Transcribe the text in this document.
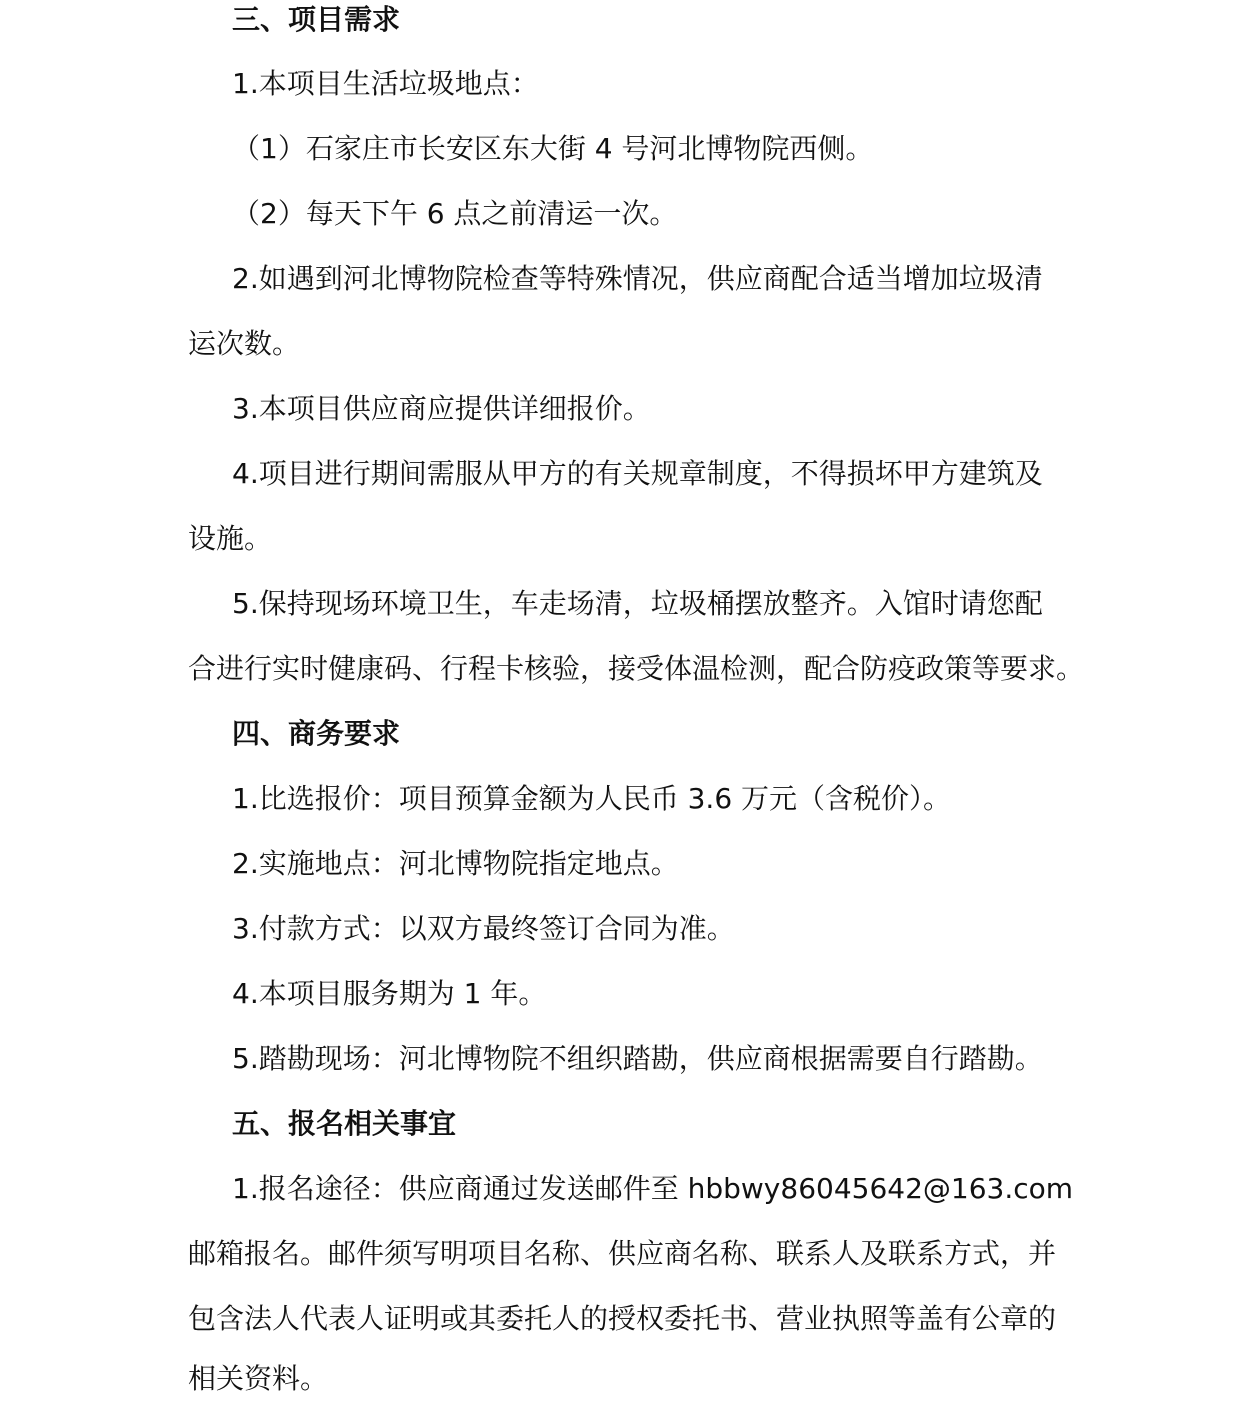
三、项目需求
1.本项目生活垃圾地点：
（1）石家庄市长安区东大街 4 号河北博物院西侧。
（2）每天下午 6 点之前清运一次。
2.如遇到河北博物院检查等特殊情况，供应商配合适当增加垃圾清
运次数。
3.本项目供应商应提供详细报价。
4.项目进行期间需服从甲方的有关规章制度，不得损坏甲方建筑及
设施。
5.保持现场环境卫生，车走场清，垃圾桶摆放整齐。入馆时请您配
合进行实时健康码、行程卡核验，接受体温检测，配合防疫政策等要求。
四、商务要求
1.比选报价：项目预算金额为人民币 3.6 万元（含税价）。
2.实施地点：河北博物院指定地点。
3.付款方式：以双方最终签订合同为准。
4.本项目服务期为 1 年。
5.踏勘现场：河北博物院不组织踏勘，供应商根据需要自行踏勘。
五、报名相关事宜
1.报名途径：供应商通过发送邮件至 hbbwy86045642@163.com
邮箱报名。邮件须写明项目名称、供应商名称、联系人及联系方式，并
包含法人代表人证明或其委托人的授权委托书、营业执照等盖有公章的
相关资料。
